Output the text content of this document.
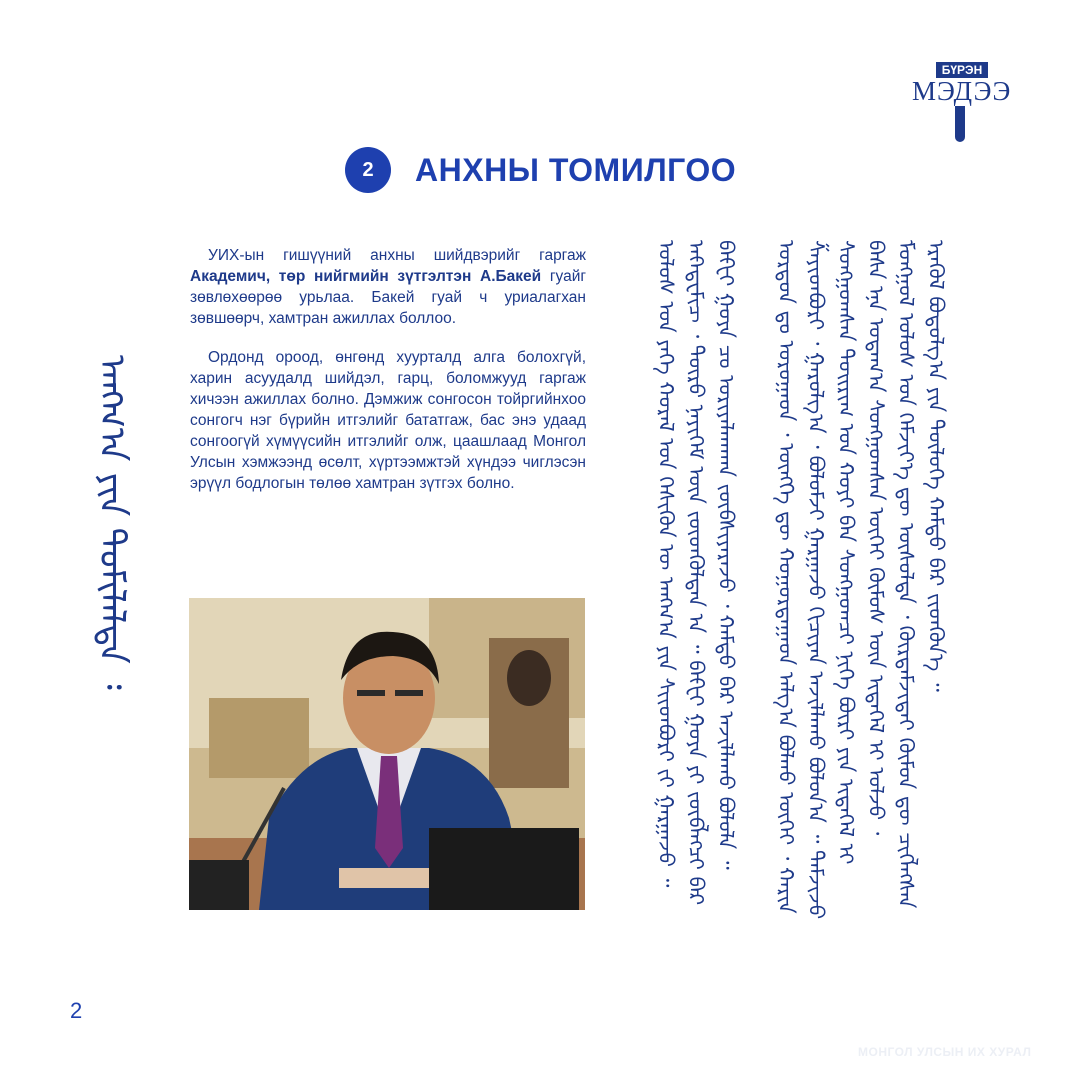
БҮРЭН
МЭДЭЭ
2	АНХНЫ ТОМИЛГОО

УИХ-ын гишүүний анхны шийдвэрийг гаргаж Академич, төр нийгмийн зүтгэлтэн А.Бакей гуайг зөвлөхөөрөө урьлаа. Бакей гуай ч уриалагхан зөвшөөрч, хамтран ажиллах боллоо.

Ордонд ороод, өнгөнд хуурталд алга болохгүй, харин асуудалд шийдэл, гарц, боломжууд гаргаж хичээн ажиллах болно. Дэмжиж сонгосон тойргийнхоо сонгогч нэг бүрийн итгэлийг бататгаж, бас энэ удаад сонгоогүй хүмүүсийн итгэлийг олж, цаашлаад Монгол Улсын хэмжээнд өсөлт, хүртээмжтэй хүндээ чиглэсэн эрүүл бодлогын төлөө хамтран зүтгэх болно.

ᠠᠩᠬ᠎ᠠ ᠶᠢᠨ ᠲᠤᠮᠢᠯᠠᠯᠲᠠ ᠄	ᠤᠯᠤᠰ ᠤᠨ ᠶᠡᠬᠡ ᠬᠤᠷᠠᠯ ᠤᠨ ᠭᠡᠰᠢᠭᠦᠨ ᠦ ᠠᠩᠬ᠎ᠠ ᠶᠢᠨ ᠱᠢᠢᠳᠪᠦᠷᠢ ᠵᠢ ᠭᠠᠷᠭᠠᠵᠤ ᠃ ᠠᠻᠠᠳᠧᠮᠢᠴ ᠂ ᠲᠥᠷᠦ ᠨᠡᠶᠢᠭᠡᠮ ᠦᠨ ᠵᠦᠳᠬᠦᠯᠲᠡᠨ ᠠ ᠃ ᠪᠠᠻᠧᠢ ᠭᠤᠶᠠ ᠶᠢ ᠵᠥᠪᠯᠡᠭᠴᠢ ᠪᠡᠷ
ᠪᠠᠻᠧᠢ ᠭᠤᠶᠠ ᠴᠤ ᠤᠷᠢᠶᠠᠯᠠᠭᠬᠠᠨ ᠵᠥᠪᠰᠢᠶᠡᠷᠡᠵᠦ ᠂ ᠬᠠᠮᠲᠤ ᠪᠠᠷ ᠠᠵᠢᠯᠯᠠᠬᠤ ᠪᠣᠯᠤᠯᠠ ᠃ ᠣᠷᠳᠣᠨ ᠳᠤ ᠣᠷᠣᠭᠠᠳ ᠂ ᠥᠩᠭᠡ ᠳᠦ ᠬᠤᠭᠤᠷᠲᠠᠭᠠᠳ ᠠᠯᠭ᠎ᠠ ᠪᠣᠯᠬᠤ ᠦᠭᠡᠢ ᠂ ᠬᠠᠷᠢᠨ ᠱᠡᠶᠢᠳᠪᠦᠷᠢ ᠂ ᠭᠠᠷᠤᠯᠭ᠎ᠠ ᠂ ᠪᠣᠯᠤᠮᠵᠢ ᠭᠠᠷᠭᠠᠵᠤ ᠬᠢᠴᠢᠶᠡᠨ ᠠᠵᠢᠯᠯᠠᠬᠤ ᠪᠣᠯᠤᠨ᠎ᠠ ᠃ ᠳᠡᠮᠵᠢᠵᠦ ᠰᠣᠩᠭᠣᠭᠰᠠᠨ ᠲᠣᠢᠷᠢᠭ ᠤᠨ ᠬᠤᠶᠢ ᠪᠠᠨ ᠰᠣᠩᠭᠣᠭᠴᠢ ᠨᠢᠭᠡ ᠪᠦᠷᠢ ᠶᠢᠨ ᠢᠲᠡᠭᠡᠯ ᠢ
ᠪᠠᠰᠠ ᠡᠨᠡ ᠤᠳᠠᠭ᠎ᠠ ᠰᠣᠩᠭᠣᠭᠰᠠᠨ ᠦᠭᠡᠢ ᠬᠦᠮᠦᠰ ᠦᠨ ᠢᠲᠡᠭᠡᠯ ᠢ ᠣᠯᠵᠤ ᠂ ᠮᠣᠩᠭᠣᠯ ᠤᠯᠤᠰ ᠤᠨ ᠬᠡᠮᠵᠢᠶ᠎ᠡ ᠳᠦ ᠥᠰᠥᠯᠲᠡ ᠂ ᠬᠦᠷᠲᠡᠮᠵᠢᠲᠡᠢ ᠬᠦᠮᠦᠨ ᠳᠦ ᠴᠢᠭᠯᠡᠭᠰᠡᠨ ᠡᠷᠡᠭᠦᠯ ᠪᠣᠳᠣᠯᠭ᠎ᠠ ᠶᠢᠨ ᠲᠥᠯᠦᠭᠡ ᠬᠠᠮᠲᠤ ᠪᠠᠷ ᠵᠢᠳᠬᠦᠨ᠎ᠡ ᠃
2
МОНГОЛ УЛСЫН ИХ ХУРАЛ
